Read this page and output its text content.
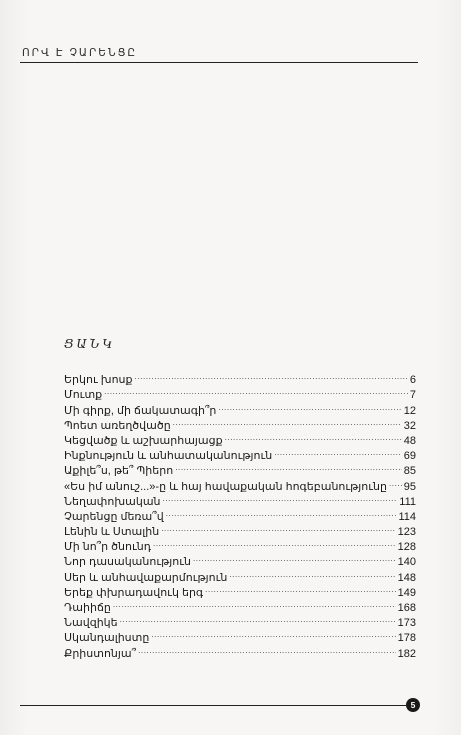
ՈՐՎ Է ՉԱՐԵՆՑԸ
ՑԱՆԿ
Երկու խոսք .....	6
Մուտք .....	7
Մի գիրք, մի ճակատագի՞ր .....	12
Պոետ առեղծվածը .....	32
Կեցվածք և աշխարհայացք .....	48
Ինքնություն և անհատականություն .....	69
Աքիլե՞ս, թե՞ Պիերո .....	85
«Ես իմ անուշ...»-ը և հայ հավաքական հոգեբանությունը ..... 95
Նեղափոխական .....	111
Չարենցը մեռա՞վ .....	114
Լենին և Ստալին .....	123
Մի նո՞ր ծնունդ .....	128
Նոր դասականություն .....	140
Սեր և անհավաքարմություն .....	148
Երեք փխրադավուկ երգ .....	149
Դաիիճը .....	168
Նավզիկե .....	173
Սկանդալիստը .....	178
Քրիստոնյա՞ .....	182
5
